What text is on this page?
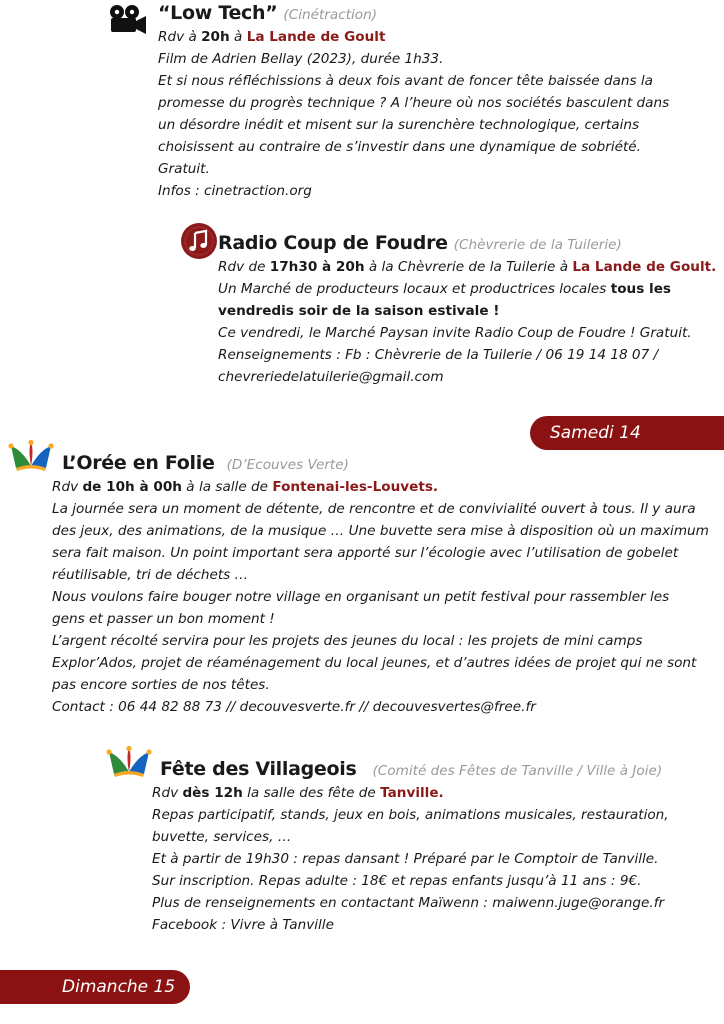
“Low Tech” (Cinétraction)

Rdv à 20h à La Lande de Goult

Film de Adrien Bellay (2023), durée 1h33.

Et si nous réfléchissions à deux fois avant de foncer tête baissée dans la

promesse du progrès technique ? A l’heure où nos sociétés basculent dans

un désordre inédit et misent sur la surenchère technologique, certains

choisissent au contraire de s’investir dans une dynamique de sobriété.

Gratuit.

Infos : cinetraction.org

Radio Coup de Foudre (Chèvrerie de la Tuilerie)

Rdv de 17h30 à 20h à la Chèvrerie de la Tuilerie à La Lande de Goult.

Un Marché de producteurs locaux et productrices locales tous les

vendredis soir de la saison estivale !

Ce vendredi, le Marché Paysan invite Radio Coup de Foudre ! Gratuit.

Renseignements : Fb : Chèvrerie de la Tuilerie / 06 19 14 18 07 /

chevreriedelatuilerie@gmail.com

Samedi 14
L’Orée en Folie (D’Ecouves Verte)

Rdv de 10h à 00h à la salle de Fontenai-les-Louvets.

La journée sera un moment de détente, de rencontre et de convivialité ouvert à tous. Il y aura

des jeux, des animations, de la musique … Une buvette sera mise à disposition où un maximum

sera fait maison. Un point important sera apporté sur l’écologie avec l’utilisation de gobelet

réutilisable, tri de déchets …

Nous voulons faire bouger notre village en organisant un petit festival pour rassembler les

gens et passer un bon moment !

L’argent récolté servira pour les projets des jeunes du local : les projets de mini camps

Explor’Ados, projet de réaménagement du local jeunes, et d’autres idées de projet qui ne sont

pas encore sorties de nos têtes.

Contact : 06 44 82 88 73 // decouvesverte.fr // decouvesvertes@free.fr

Fête des Villageois (Comité des Fêtes de Tanville / Ville à Joie)

Rdv dès 12h la salle des fête de Tanville.

Repas participatif, stands, jeux en bois, animations musicales, restauration,

buvette, services, …

Et à partir de 19h30 : repas dansant ! Préparé par le Comptoir de Tanville.

Sur inscription. Repas adulte : 18€ et repas enfants jusqu’à 11 ans : 9€.

Plus de renseignements en contactant Maïwenn : maiwenn.juge@orange.fr

Facebook : Vivre à Tanville

Dimanche 15
